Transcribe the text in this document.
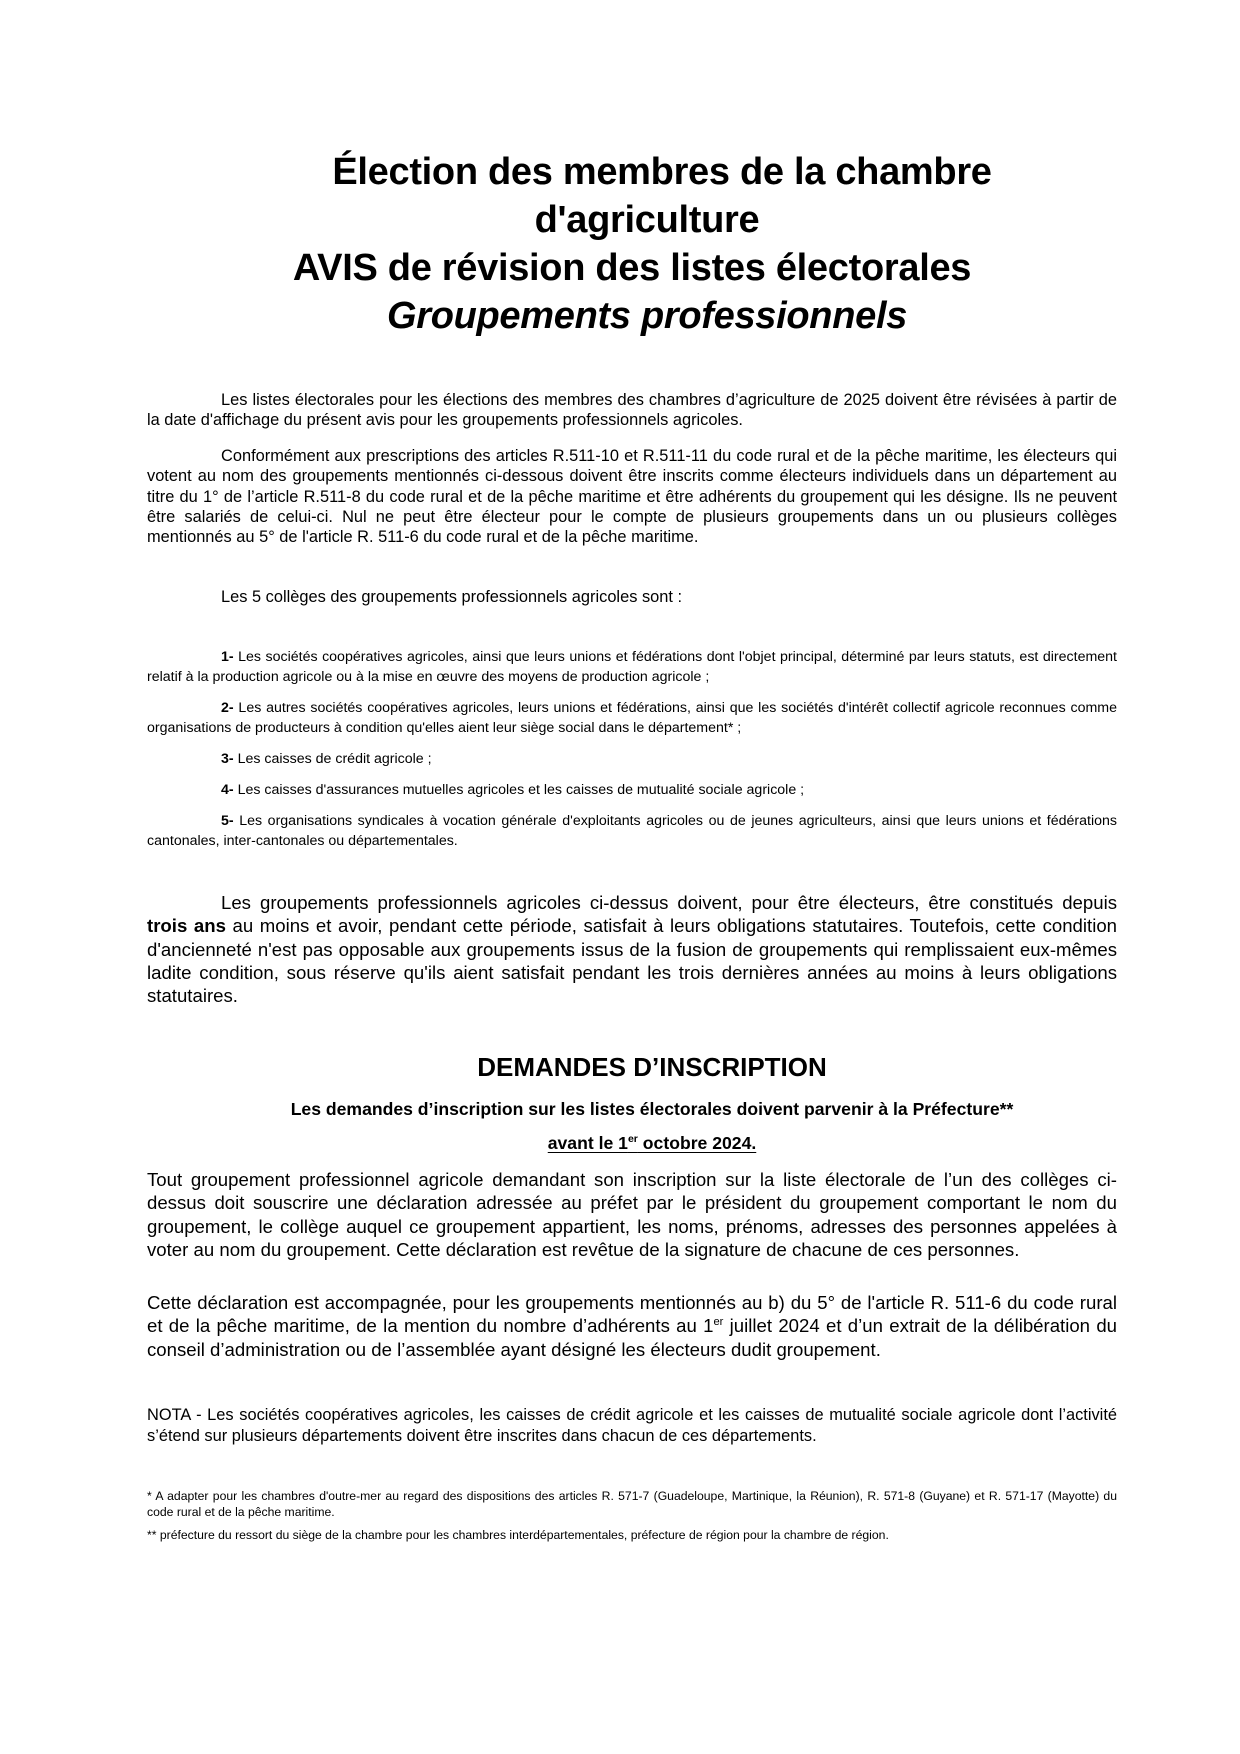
Élection des membres de la chambre
d'agriculture
AVIS de révision des listes électorales
Groupements professionnels

Les listes électorales pour les élections des membres des chambres d’agriculture de 2025 doivent être révisées à partir de la date d'affichage du présent avis pour les groupements professionnels agricoles.

Conformément aux prescriptions des articles R.511-10 et R.511-11 du code rural et de la pêche maritime, les électeurs qui votent au nom des groupements mentionnés ci-dessous doivent être inscrits comme électeurs individuels dans un département au titre du 1° de l’article R.511-8 du code rural et de la pêche maritime et être adhérents du groupement qui les désigne. Ils ne peuvent être salariés de celui-ci. Nul ne peut être électeur pour le compte de plusieurs groupements dans un ou plusieurs collèges mentionnés au 5° de l'article R. 511-6 du code rural et de la pêche maritime.

Les 5 collèges des groupements professionnels agricoles sont :

1- Les sociétés coopératives agricoles, ainsi que leurs unions et fédérations dont l'objet principal, déterminé par leurs statuts, est directement relatif à la production agricole ou à la mise en œuvre des moyens de production agricole ;

2- Les autres sociétés coopératives agricoles, leurs unions et fédérations, ainsi que les sociétés d'intérêt collectif agricole reconnues comme organisations de producteurs à condition qu'elles aient leur siège social dans le département* ;

3- Les caisses de crédit agricole ;

4- Les caisses d'assurances mutuelles agricoles et les caisses de mutualité sociale agricole ;

5- Les organisations syndicales à vocation générale d'exploitants agricoles ou de jeunes agriculteurs, ainsi que leurs unions et fédérations cantonales, inter-cantonales ou départementales.

Les groupements professionnels agricoles ci-dessus doivent, pour être électeurs, être constitués depuis trois ans au moins et avoir, pendant cette période, satisfait à leurs obligations statutaires. Toutefois, cette condition d'ancienneté n'est pas opposable aux groupements issus de la fusion de groupements qui remplissaient eux-mêmes ladite condition, sous réserve qu'ils aient satisfait pendant les trois dernières années au moins à leurs obligations statutaires.

DEMANDES D’INSCRIPTION

Les demandes d’inscription sur les listes électorales doivent parvenir à la Préfecture**

avant le 1er octobre 2024.

Tout groupement professionnel agricole demandant son inscription sur la liste électorale de l’un des collèges ci-dessus doit souscrire une déclaration adressée au préfet par le président du groupement comportant le nom du groupement, le collège auquel ce groupement appartient, les noms, prénoms, adresses des personnes appelées à voter au nom du groupement. Cette déclaration est revêtue de la signature de chacune de ces personnes.

Cette déclaration est accompagnée, pour les groupements mentionnés au b) du 5° de l'article R. 511-6 du code rural et de la pêche maritime, de la mention du nombre d’adhérents au 1er juillet 2024 et d’un extrait de la délibération du conseil d’administration ou de l’assemblée ayant désigné les électeurs dudit groupement.

NOTA - Les sociétés coopératives agricoles, les caisses de crédit agricole et les caisses de mutualité sociale agricole dont l’activité s’étend sur plusieurs départements doivent être inscrites dans chacun de ces départements.

* A adapter pour les chambres d'outre-mer au regard des dispositions des articles R. 571-7 (Guadeloupe, Martinique, la Réunion), R. 571-8 (Guyane) et R. 571-17 (Mayotte) du code rural et de la pêche maritime.

** préfecture du ressort du siège de la chambre pour les chambres interdépartementales, préfecture de région pour la chambre de région.
